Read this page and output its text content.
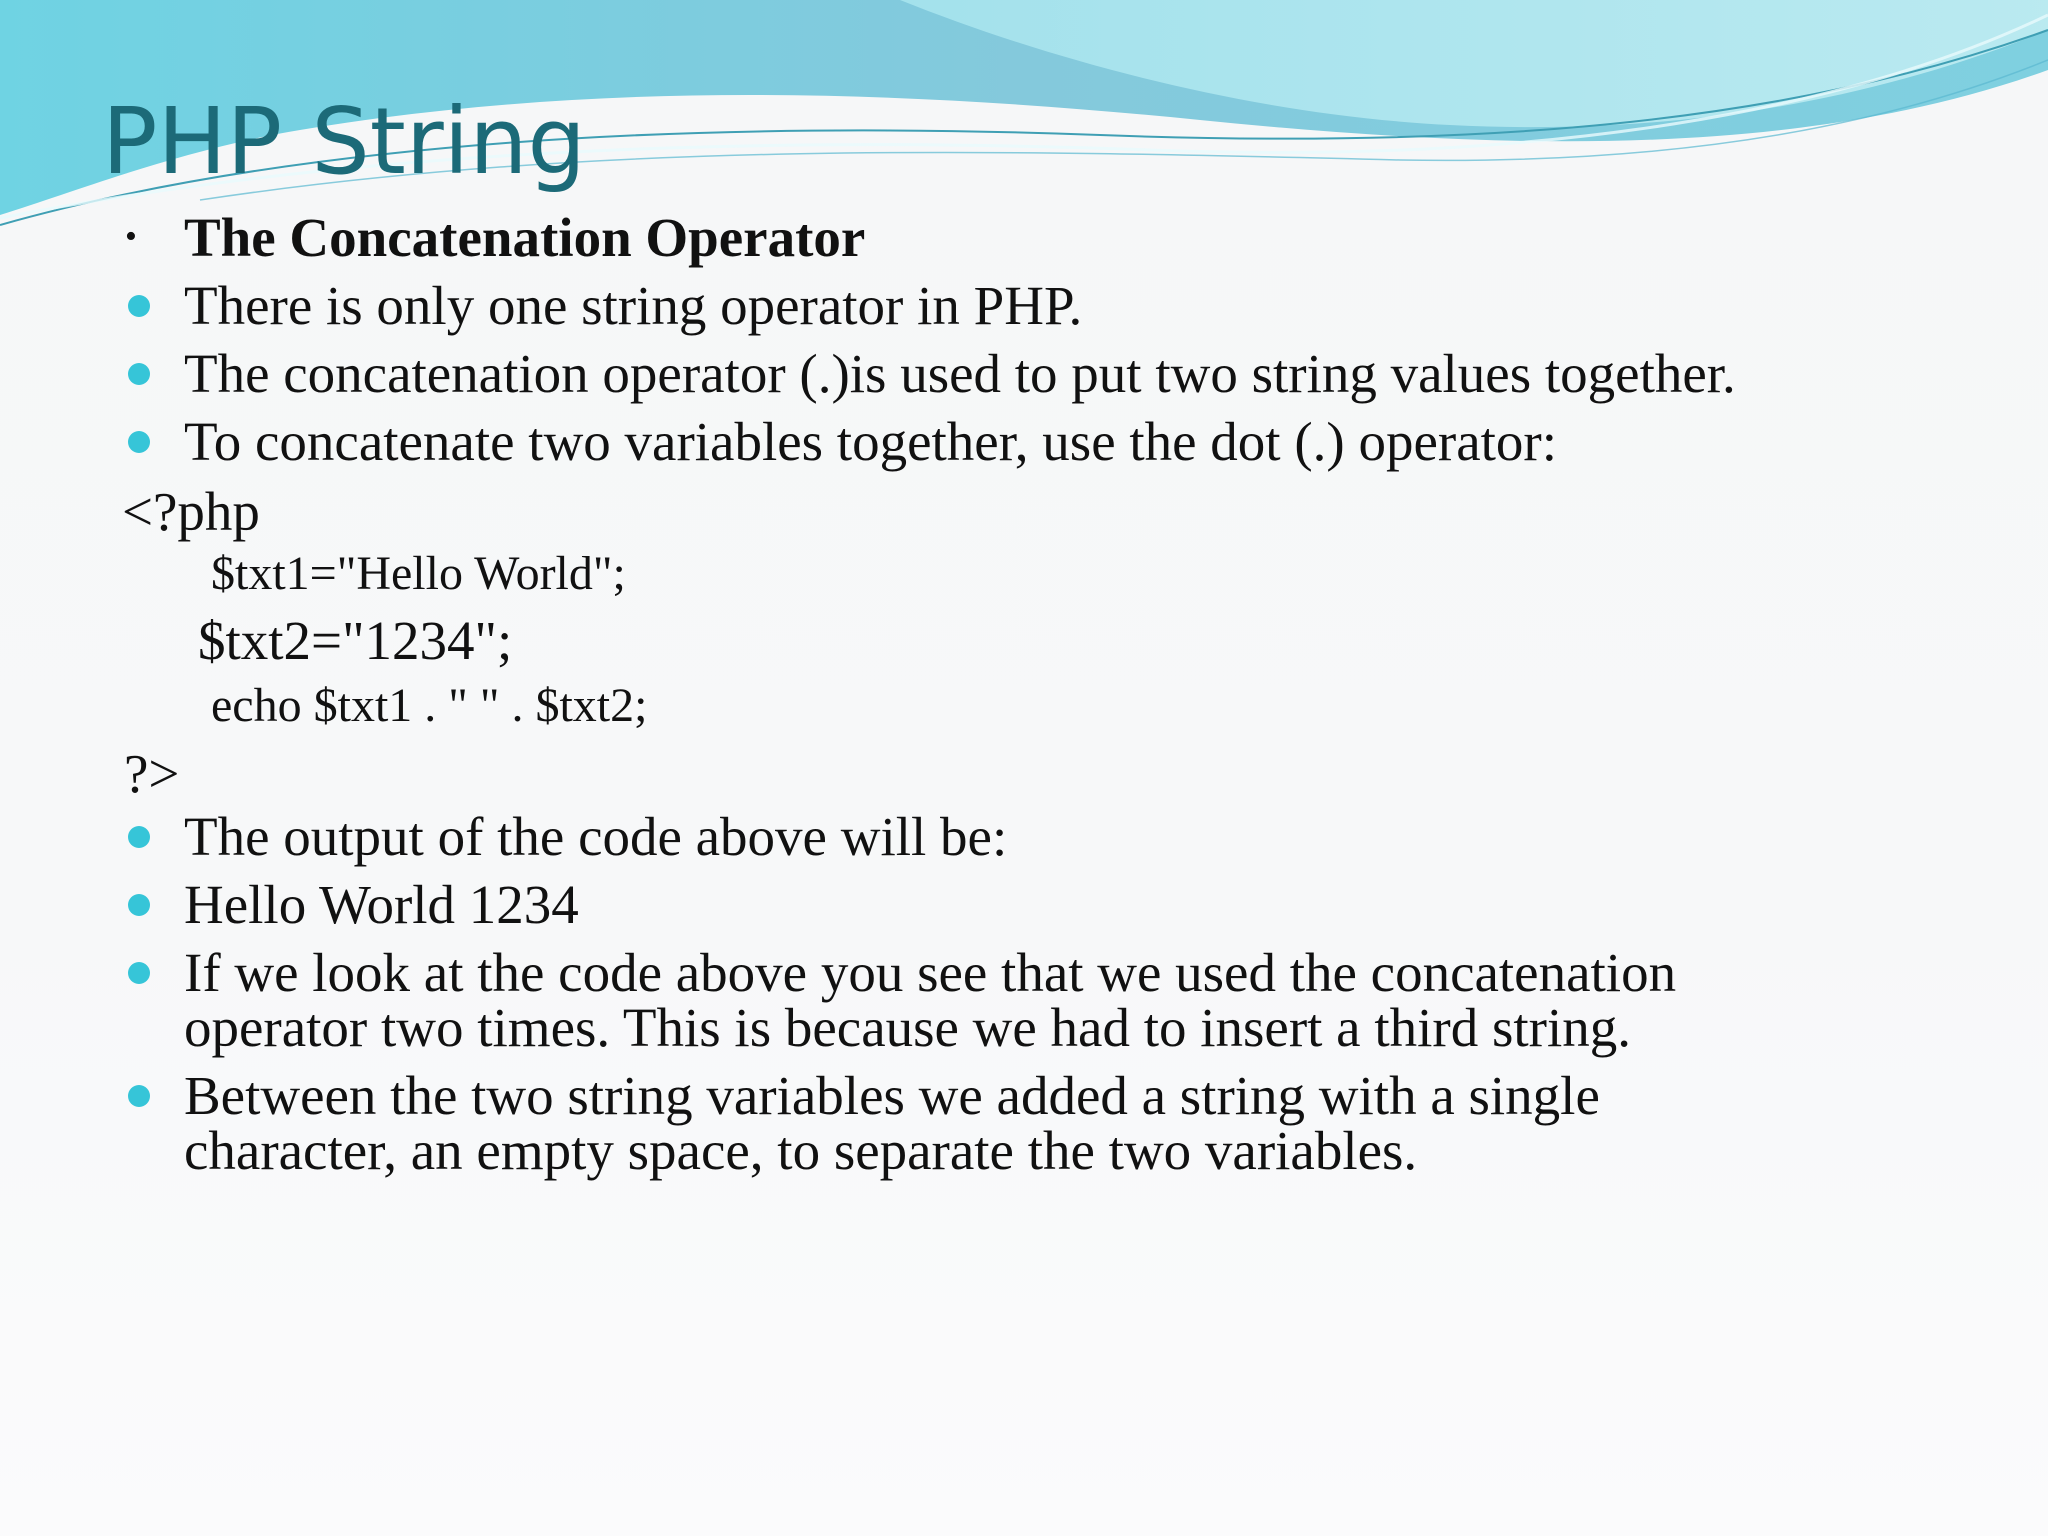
PHP String
• The Concatenation Operator
There is only one string operator in PHP.
The concatenation operator (.)is used to put two string values together.
To concatenate two variables together, use the dot (.) operator:
<?php
$txt1="Hello World";
$txt2="1234";
echo $txt1 . " " . $txt2;
?>
The output of the code above will be:
Hello World 1234
If we look at the code above you see that we used the concatenation
operator two times. This is because we had to insert a third string.
Between the two string variables we added a string with a single
character, an empty space, to separate the two variables.
